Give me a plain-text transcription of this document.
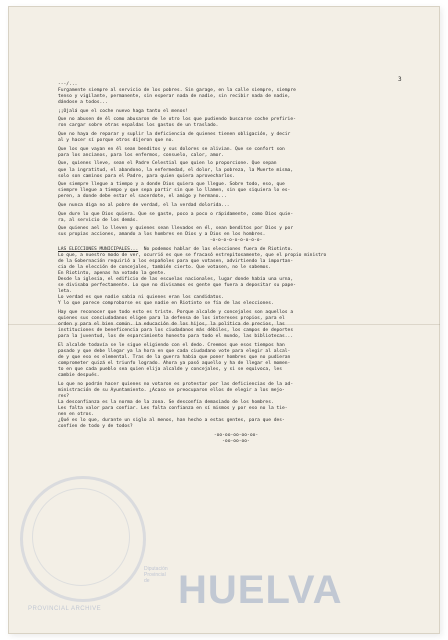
3

---/...

Furgamente siempre al servicio de los pobres. Sin garage, en la calle siempre, siempre

tenso y vigilante, permanente, sin esperar nada de nadie, sin recibir nada de nadie,

dándose a todos...

¡¡Ojalá que el coche nuevo haga tanto el menos!

Que no abusen de él como abusaron de le otro los que pudiendo buscarse coche prefirie-

ron cargar sobre otras espaldas los gastos de un traslado.

Que no haya de reparar y suplir la deficiencia de quienes tienen obligación, y decir

al y hacer sí porque otros dijeron que no.

Que los que vayan en él sean benditos y sus dolores se alivian. Que se confort son

para los ancianos, para los enfermos, consuelo, calor, amor.

Que, quienes lleve, sean el Padre Celestial que quien lo proporcione. Que sepan

que la ingratitud, el abandono, la enfermedad, el dolor, la pobreza, la Muerte misma,

solo son caminos para el Padre, para quien quiera aprovecharlos.

Que siempre llegue a tiempo y a donde Dios quiera que llegue. Sobre todo, eso, que

siempre llegue a tiempo y que sepa partir sin que lo llamen, sin que siquiera lo es-

peren, a donde debe estar el sacerdote, el amigo y hermano...

Que nunca diga no al pobre de verdad, el la verdad dolorida...

Que dure lo que Dios quiera. Que se gaste, poco a poco o rápidamente, como Dios quie-

ra, al servicio de los demás.

Que quienes ael lo lleven y quienes sean llevados en él, sean benditos por Dios y por

sus propias acciones, amando a los hombres en Dios y a Dios en los hombres.

-o-o-o-o-o-o-o-o-o-

LAS ELECCIONES MUNICIPALES...  No podemos hablar de las elecciones fuera de Riotinto.

Lo que, a nuestro modo de ver, ocurrió es que se fracasó estrepitosamente, que el propio ministro

de la Gobernación requirió a los españoles para que votasen, advirtiendo la importan-

cia de la elección de concejales, también cierto. Que votasen, no le sabemos.

En Riotinto, apenas ha votado la gente.

Desde la iglesia, el edificio de las escuelas nacionales, lugar donde había una urna,

se divisaba perfectamente. Lo que no divisamos es gente que fuera a depositar su pape-

leta.

Lo verdad es que nadie sabía ni quienes eran los candidatos.

Y lo que parece comprobarse es que nadie en Riotinto se fía de las elecciones.

Hay que reconocer que todo esto es triste. Porque alcalde y concejales son aquellos a

quienes sus conciudadanos eligen para la defensa de los intereses propios, para el

orden y para el bien común. La educación de los hijos, la política de precios, las

instituciones de beneficencia para los ciudadanos más débiles, los campos de deportes

para la juventud, los de esparcimiento honesto para todo el mundo, las bibliotecas...

El alcalde todavía se le sigue eligiendo con el dedo. Creemos que esos tiempos han

pasado y que debe llegar ya la hora en que cada ciudadano vote para elegir al alcal-

de y que eso es elemental. Tras de la guerra había que poner hombres que no pudieran

comprometer quizá el triunfo logrado. Ahora ya pasó aquello y ha de llegar el momen-

to en que cada pueblo sea quien elija alcalde y concejales, y si se equivoca, les

cambie después.

Lo que no podrán hacer quienes no votaron es protestar por las deficiencias de la ad-

ministración de su Ayuntamiento. ¿Acaso se preocuparon ellos de elegir a los mejo-

res?

La desconfianza es la norma de la zona. Se desconfía demasiado de los hombres.

Les falta valor para confiar. Les falta confianza en sí mismos y por eso no la tie-

nen en otros.

¿Qué es lo que, durante un siglo al menos, han hecho a estas gentes, para que des-

confíen de todo y de todos?

-oo-oo-oo-oo-oo-

-oo-oo-oo-

Diputación
Provincial
de HUELVA
PROVINCIAL ARCHIVE
